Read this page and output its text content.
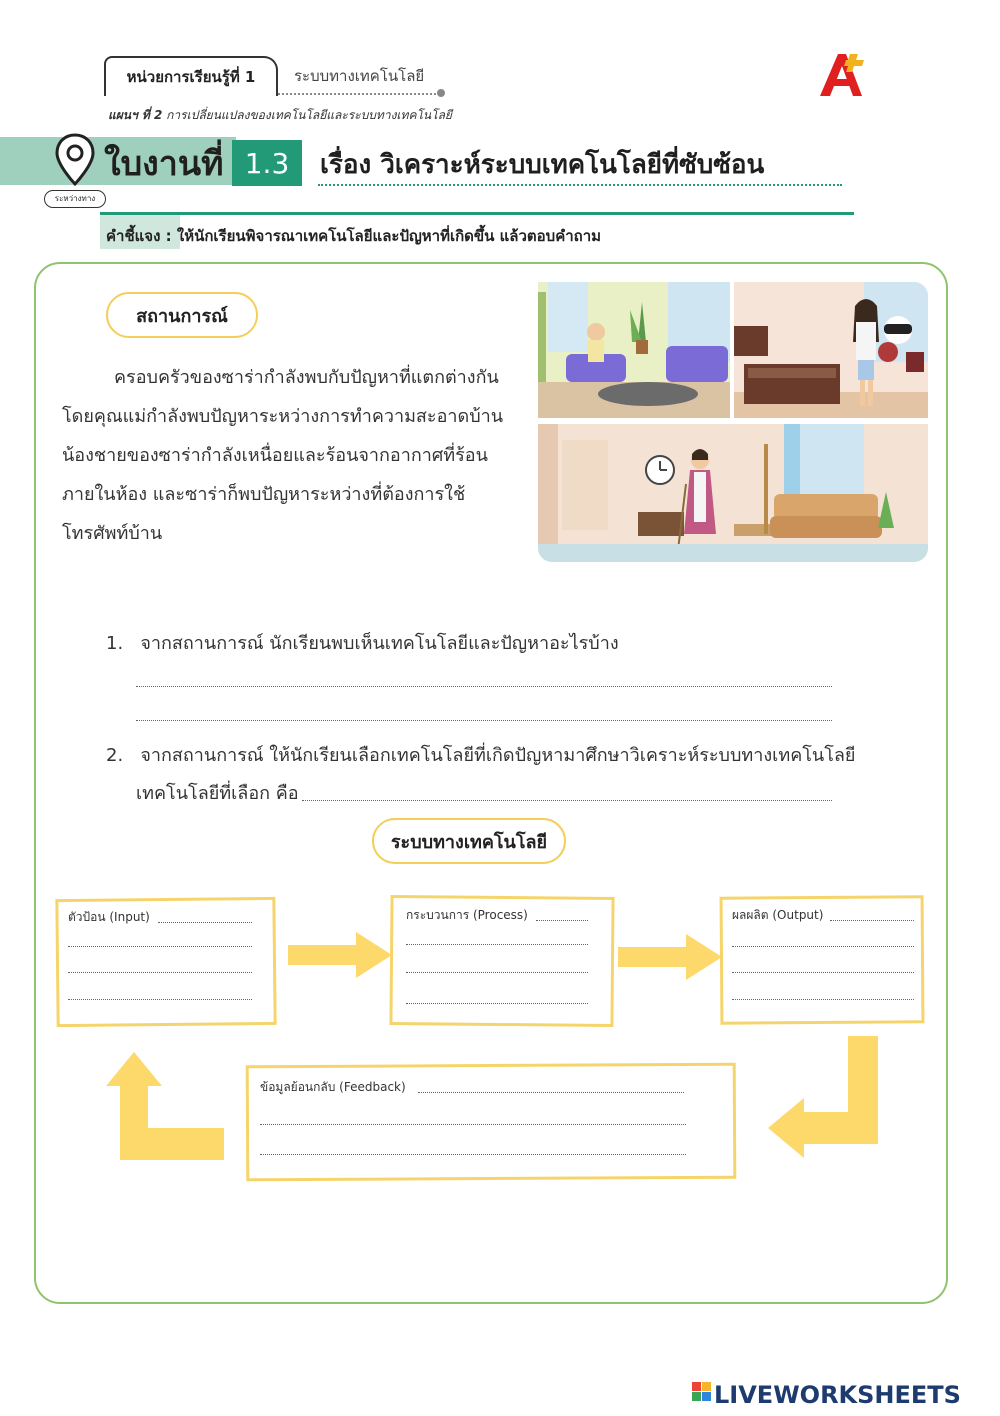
หน่วยการเรียนรู้ที่ 1	ระบบทางเทคโนโลยี
แผนฯ ที่ 2 การเปลี่ยนแปลงของเทคโนโลยีและระบบทางเทคโนโลยี
ระหว่างทาง
ใบงานที่ 1.3	เรื่อง วิเคราะห์ระบบเทคโนโลยีที่ซับซ้อน
คำชี้แจง : ให้นักเรียนพิจารณาเทคโนโลยีและปัญหาที่เกิดขึ้น แล้วตอบคำถาม
สถานการณ์
ครอบครัวของซาร่ากำลังพบกับปัญหาที่แตกต่างกัน โดยคุณแม่กำลังพบปัญหาระหว่างการทำความสะอาดบ้าน น้องชายของซาร่ากำลังเหนื่อยและร้อนจากอากาศที่ร้อนภายในห้อง และซาร่าก็พบปัญหาระหว่างที่ต้องการใช้โทรศัพท์บ้าน
1. จากสถานการณ์ นักเรียนพบเห็นเทคโนโลยีและปัญหาอะไรบ้าง
2. จากสถานการณ์ ให้นักเรียนเลือกเทคโนโลยีที่เกิดปัญหามาศึกษาวิเคราะห์ระบบทางเทคโนโลยี
เทคโนโลยีที่เลือก คือ
ระบบทางเทคโนโลยี
ตัวป้อน (Input)	กระบวนการ (Process)	ผลผลิต (Output)
ข้อมูลย้อนกลับ (Feedback)
LIVEWORKSHEETS
